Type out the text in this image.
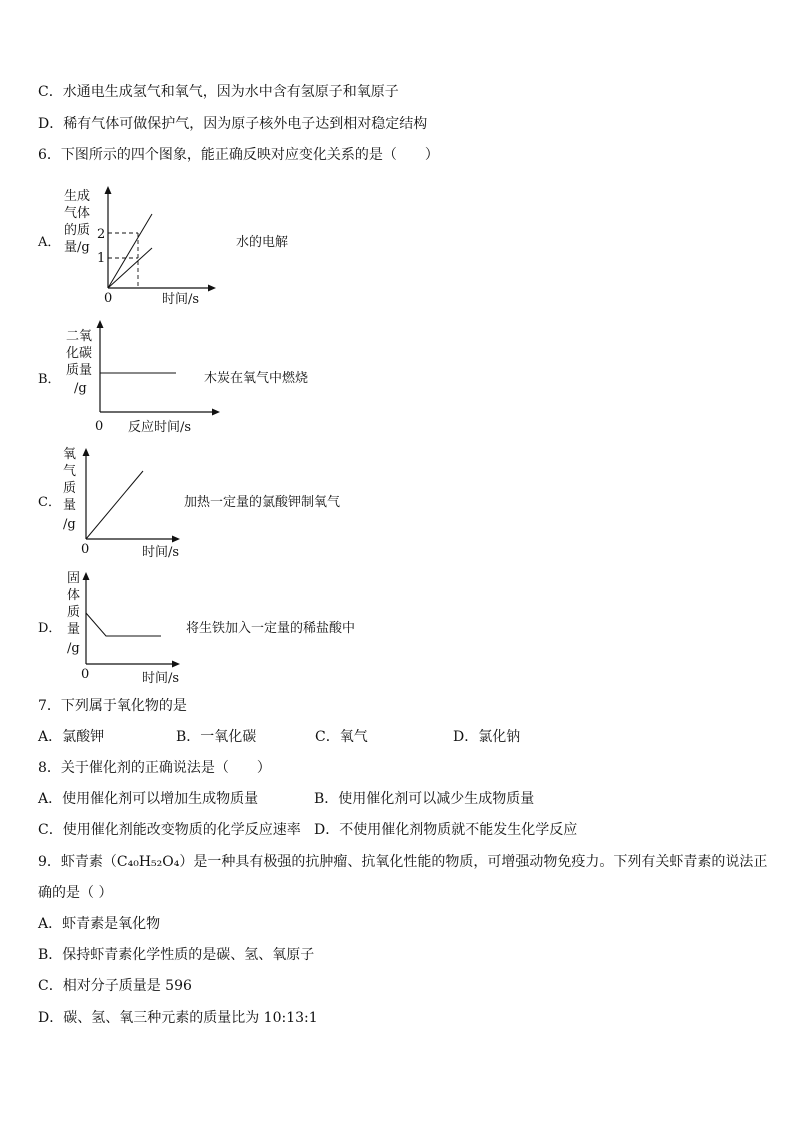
C．水通电生成氢气和氧气，因为水中含有氢原子和氧原子
D．稀有气体可做保护气，因为原子核外电子达到相对稳定结构
6．下图所示的四个图象，能正确反映对应变化关系的是（　　）
A．
生成
气体
的质
量/g
2
1
0	时间/s
水的电解
B．
二氧
化碳
质量
/g
0 反应时间/s
木炭在氧气中燃烧
C．
氧
气
质
量
/g
0	时间/s
加热一定量的氯酸钾制氧气
D．
固
体
质
量
/g
0	时间/s
将生铁加入一定量的稀盐酸中
7．下列属于氧化物的是
A．氯酸钾	B．一氧化碳	C．氧气	D．氯化钠
8．关于催化剂的正确说法是（　　）
A．使用催化剂可以增加生成物质量	B．使用催化剂可以减少生成物质量
C．使用催化剂能改变物质的化学反应速率 D．不使用催化剂物质就不能发生化学反应
9．虾青素（C₄₀H₅₂O₄）是一种具有极强的抗肿瘤、抗氧化性能的物质，可增强动物免疫力。下列有关虾青素的说法正
确的是（ ）
A．虾青素是氧化物
B．保持虾青素化学性质的是碳、氢、氧原子
C．相对分子质量是 596
D．碳、氢、氧三种元素的质量比为 10:13:1
